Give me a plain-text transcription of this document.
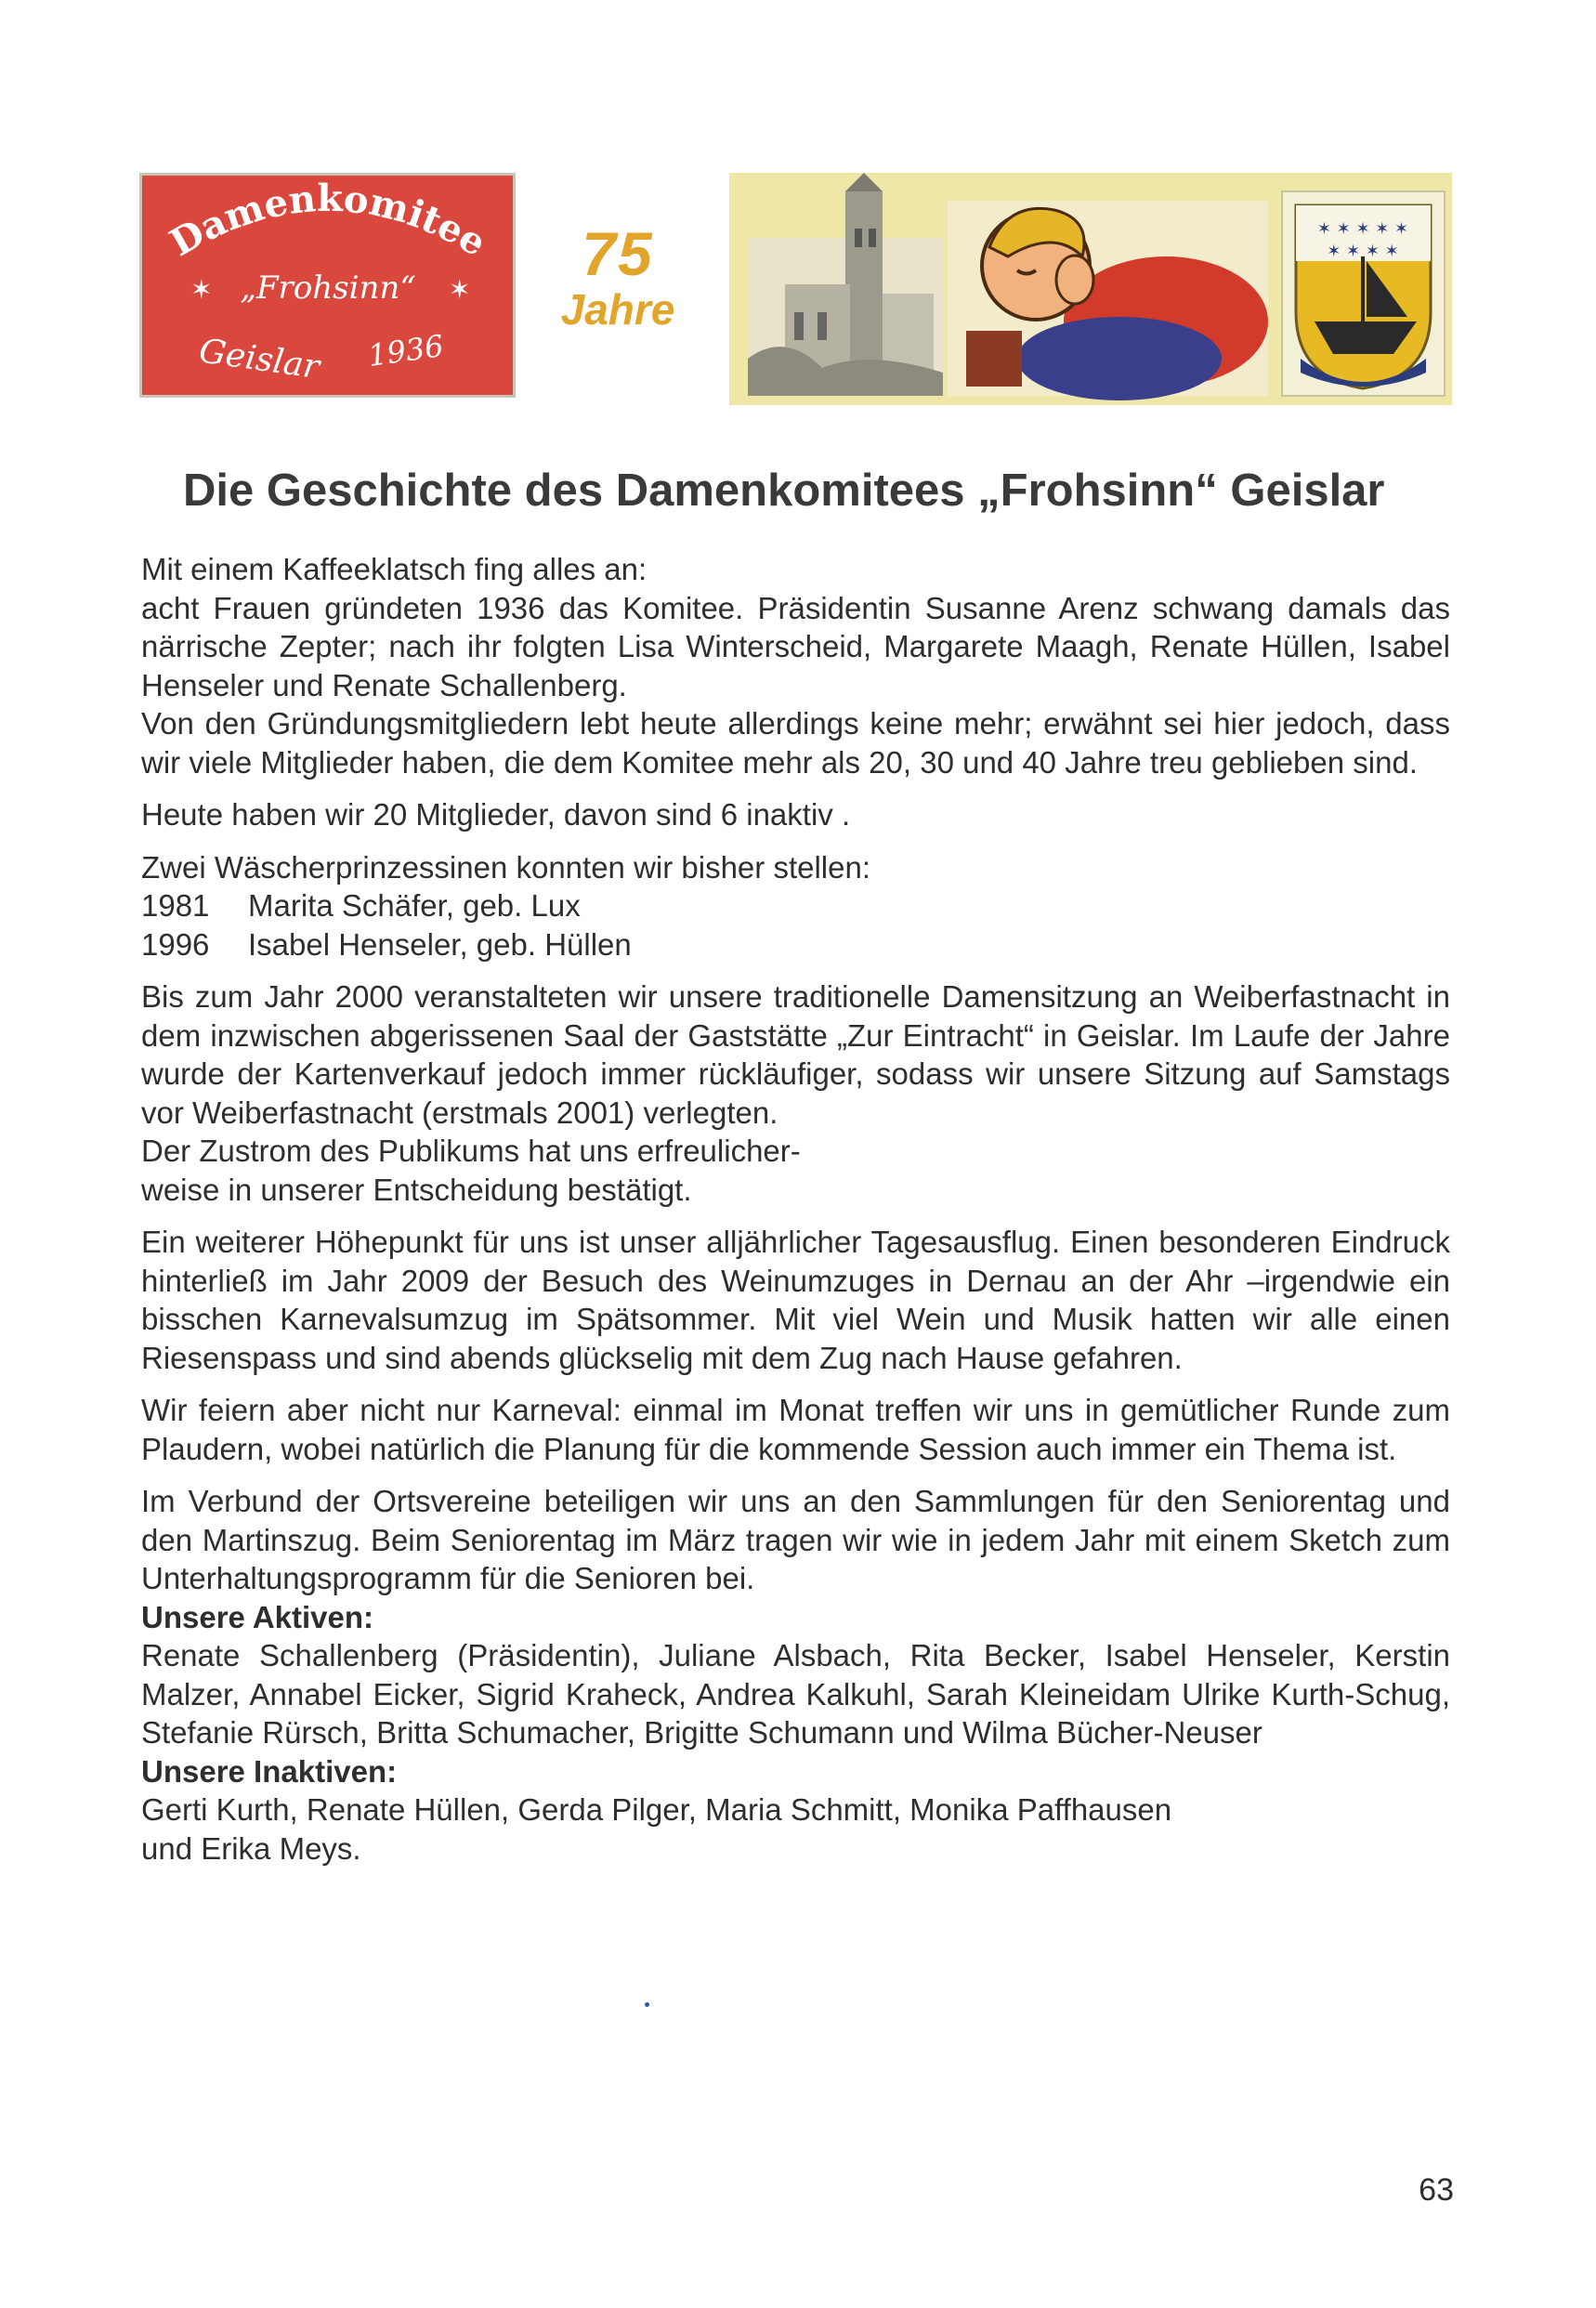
Damenkomitee
✶ „Frohsinn“ ✶
Geislar 1936
75
Jahre
✶ ✶ ✶ ✶ ✶
✶ ✶ ✶ ✶
Die Geschichte des Damenkomitees „Frohsinn“ Geislar

Mit einem Kaffeeklatsch fing alles an:

acht Frauen gründeten 1936 das Komitee. Präsidentin Susanne Arenz schwang damals das närrische Zepter; nach ihr folgten Lisa Winterscheid, Margarete Maagh, Renate Hüllen, Isabel Henseler und Renate Schallenberg.

Von den Gründungsmitgliedern lebt heute allerdings keine mehr; erwähnt sei hier jedoch, dass wir viele Mitglieder haben, die dem Komitee mehr als 20, 30 und 40 Jahre treu geblieben sind.

Heute haben wir 20 Mitglieder, davon sind 6 inaktiv .

Zwei Wäscherprinzessinen konnten wir bisher stellen:

1981	Marita Schäfer, geb. Lux
1996	Isabel Henseler, geb. Hüllen

Bis zum Jahr 2000 veranstalteten wir unsere traditionelle Damensitzung an Weiberfastnacht in dem inzwischen abgerissenen Saal der Gaststätte „Zur Eintracht“ in Geislar. Im Laufe der Jahre wurde der Kartenverkauf jedoch immer rückläufiger, sodass wir unsere Sitzung auf Samstags vor Weiberfastnacht (erstmals 2001) verlegten.

Der Zustrom des Publikums hat uns erfreulicher-

weise in unserer Entscheidung bestätigt.

Ein weiterer Höhepunkt für uns ist unser alljährlicher Tagesausflug. Einen besonderen Eindruck hinterließ im Jahr 2009 der Besuch des Weinumzuges in Dernau an der Ahr –irgendwie ein bisschen Karnevalsumzug im Spätsommer. Mit viel Wein und Musik hatten wir alle einen Riesenspass und sind abends glückselig mit dem Zug nach Hause gefahren.

Wir feiern aber nicht nur Karneval: einmal im Monat treffen wir uns in gemütlicher Runde zum Plaudern, wobei natürlich die Planung für die kommende Session auch immer ein Thema ist.

Im Verbund der Ortsvereine beteiligen wir uns an den Sammlungen für den Seniorentag und den Martinszug. Beim Seniorentag im März tragen wir wie in jedem Jahr mit einem Sketch zum Unterhaltungsprogramm für die Senioren bei.

Unsere Aktiven:

Renate Schallenberg (Präsidentin), Juliane Alsbach, Rita Becker, Isabel Henseler, Kerstin Malzer, Annabel Eicker, Sigrid Kraheck, Andrea Kalkuhl, Sarah Kleineidam Ulrike Kurth-Schug, Stefanie Rürsch, Britta Schumacher, Brigitte Schumann und Wilma Bücher-Neuser

Unsere Inaktiven:

Gerti Kurth, Renate Hüllen, Gerda Pilger, Maria Schmitt, Monika Paffhausen

und Erika Meys.

63
